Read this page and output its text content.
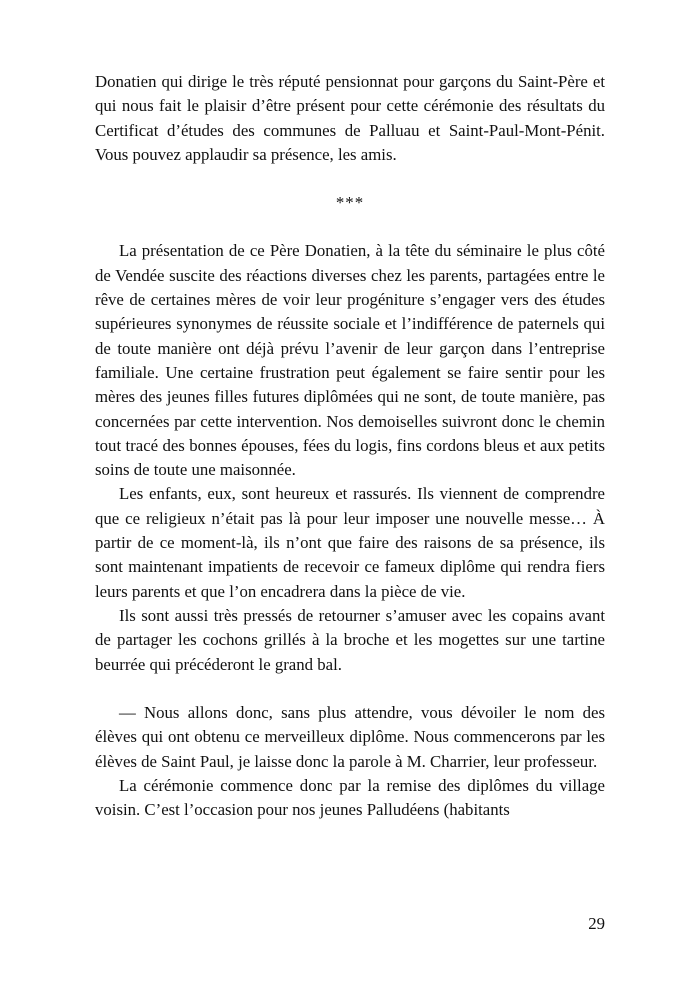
Donatien qui dirige le très réputé pensionnat pour garçons du Saint-Père et qui nous fait le plaisir d’être présent pour cette cérémonie des résultats du Certificat d’études des communes de Palluau et Saint-Paul-Mont-Pénit. Vous pouvez applaudir sa présence, les amis.

***

La présentation de ce Père Donatien, à la tête du séminaire le plus côté de Vendée suscite des réactions diverses chez les parents, partagées entre le rêve de certaines mères de voir leur progéniture s’engager vers des études supérieures synonymes de réussite sociale et l’indifférence de paternels qui de toute manière ont déjà prévu l’avenir de leur garçon dans l’entreprise familiale. Une certaine frustration peut également se faire sentir pour les mères des jeunes filles futures diplômées qui ne sont, de toute manière, pas concernées par cette intervention. Nos demoiselles suivront donc le chemin tout tracé des bonnes épouses, fées du logis, fins cordons bleus et aux petits soins de toute une maisonnée.

Les enfants, eux, sont heureux et rassurés. Ils viennent de comprendre que ce religieux n’était pas là pour leur imposer une nouvelle messe… À partir de ce moment-là, ils n’ont que faire des raisons de sa présence, ils sont maintenant impatients de recevoir ce fameux diplôme qui rendra fiers leurs parents et que l’on encadrera dans la pièce de vie.

Ils sont aussi très pressés de retourner s’amuser avec les copains avant de partager les cochons grillés à la broche et les mogettes sur une tartine beurrée qui précéderont le grand bal.

— Nous allons donc, sans plus attendre, vous dévoiler le nom des élèves qui ont obtenu ce merveilleux diplôme. Nous commencerons par les élèves de Saint Paul, je laisse donc la parole à M. Charrier, leur professeur.

La cérémonie commence donc par la remise des diplômes du village voisin. C’est l’occasion pour nos jeunes Palludéens (habitants

29
